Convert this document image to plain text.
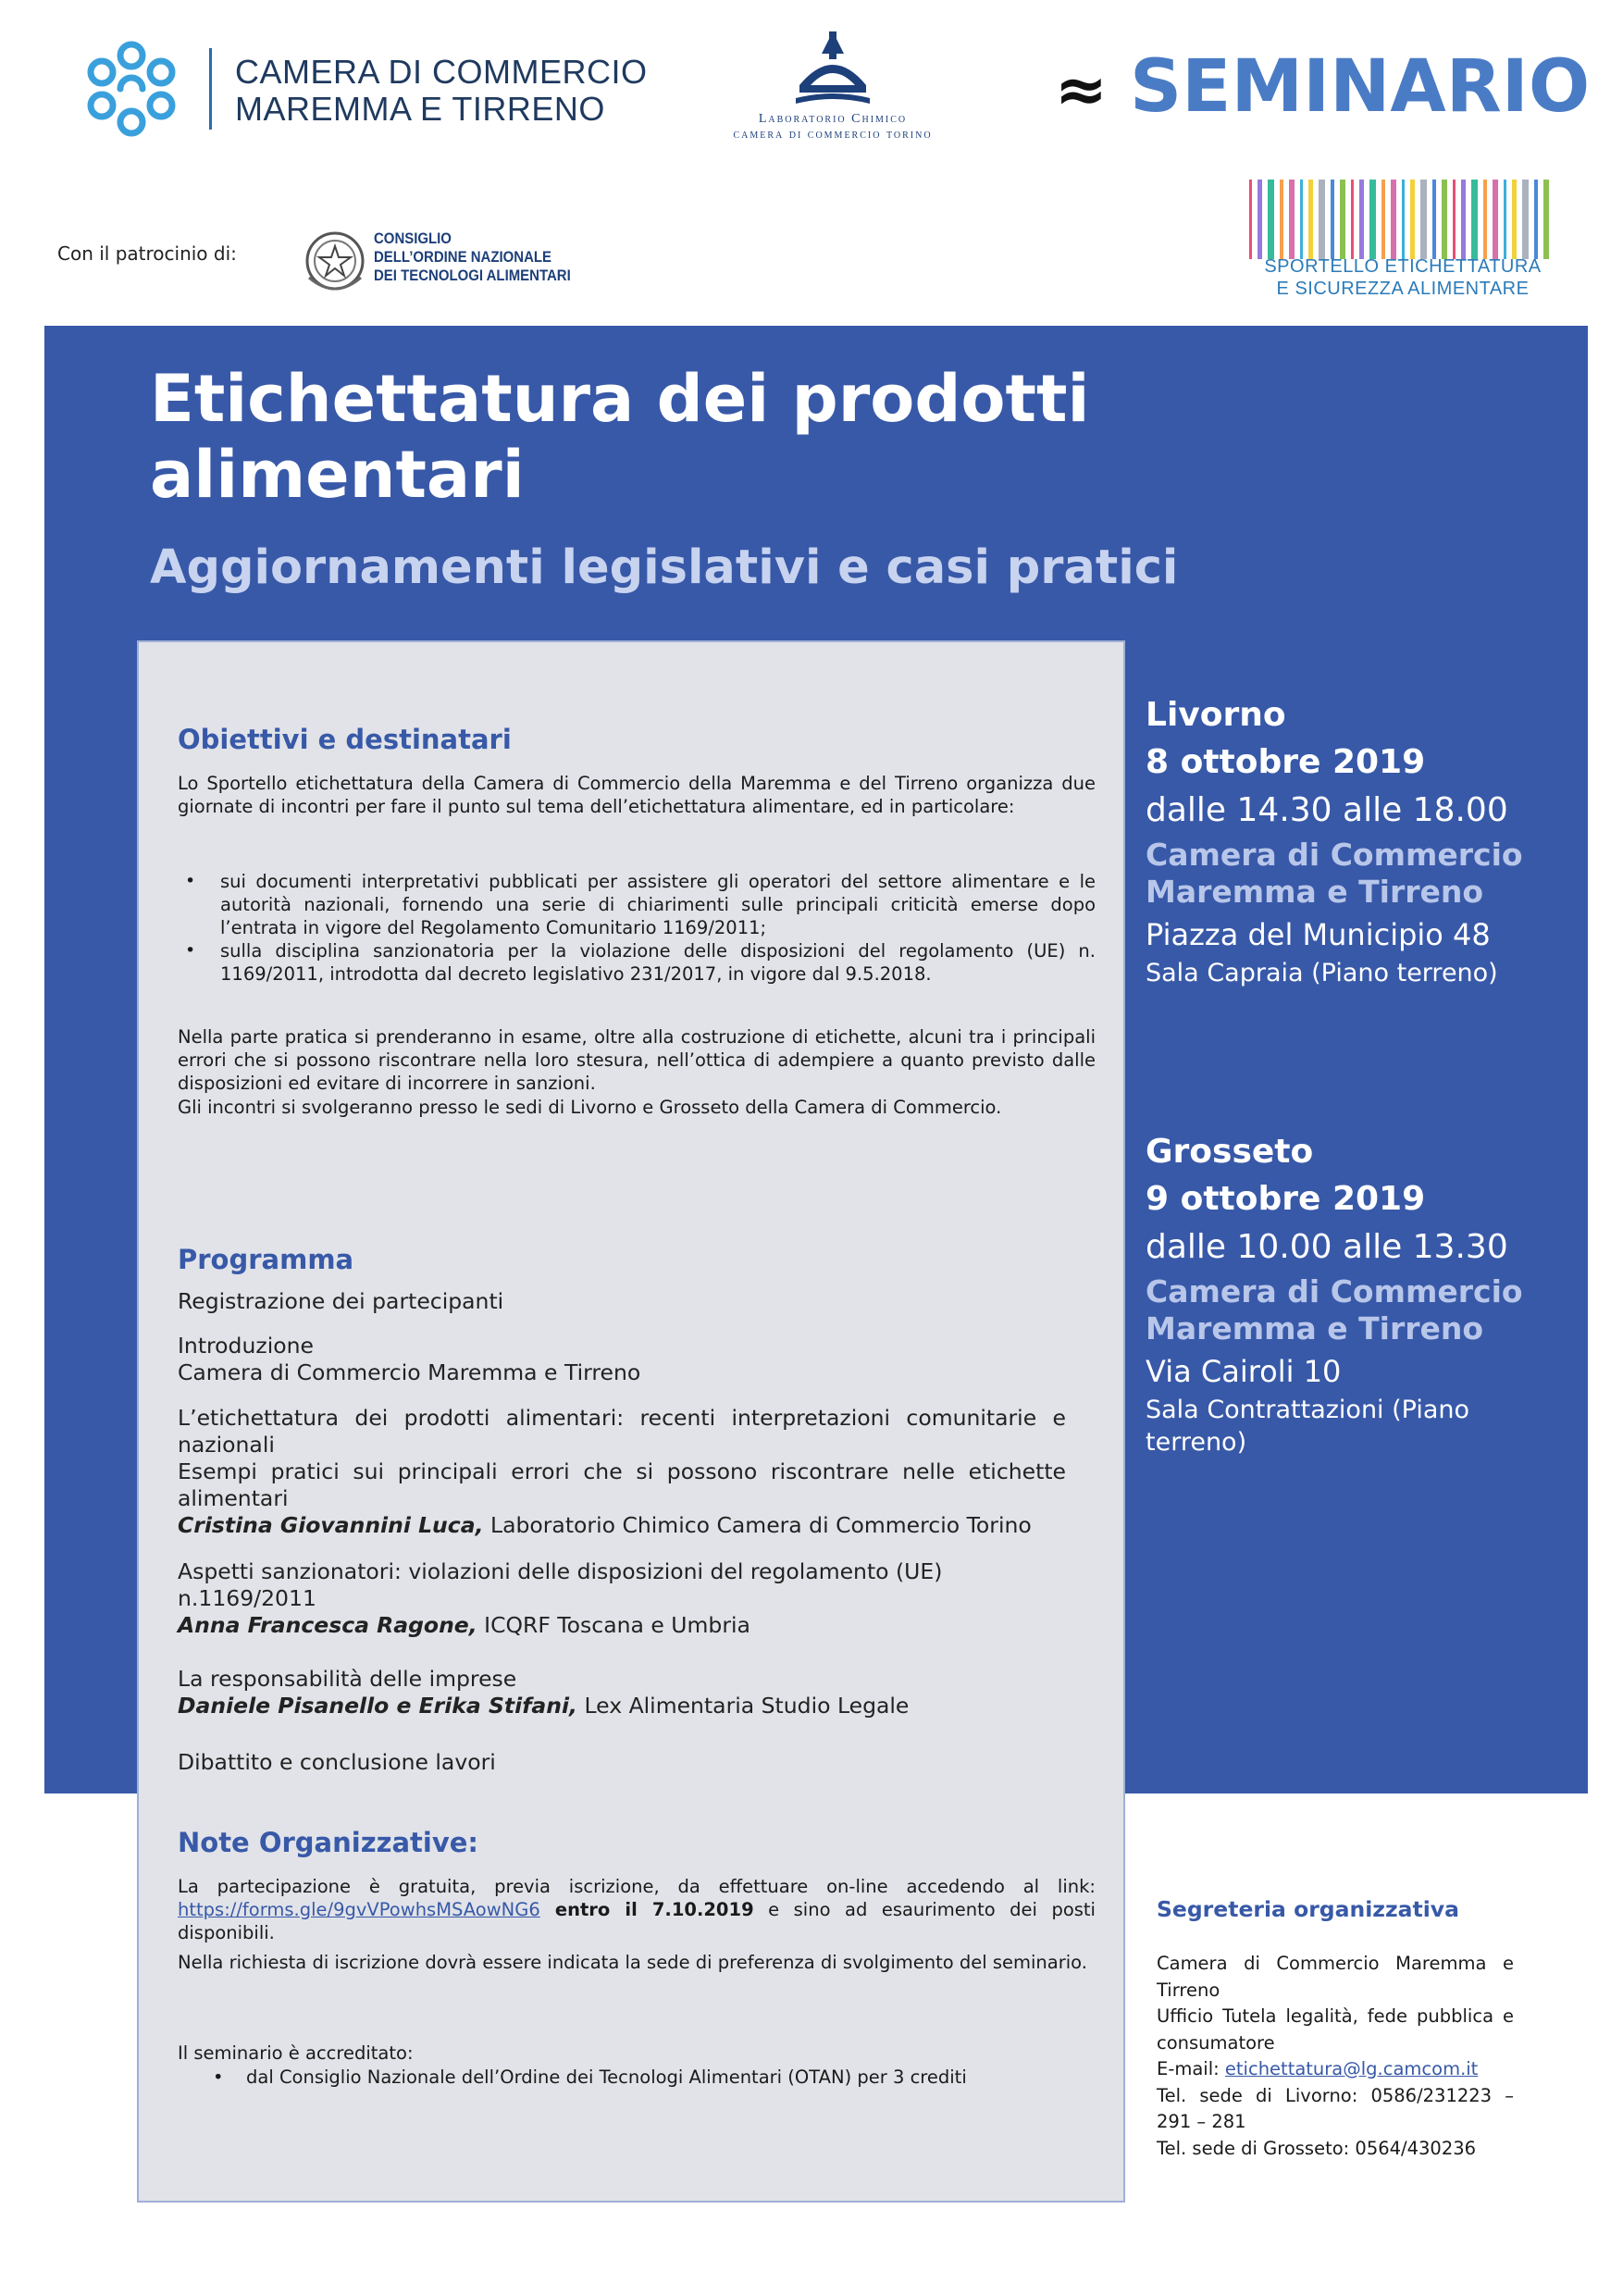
CAMERA DI COMMERCIO
MAREMMA E TIRRENO	Laboratorio Chimico
camera di commercio torino
≈ SEMINARIO
Con il patrocinio di:
CONSIGLIO
DELL’ORDINE NAZIONALE
DEI TECNOLOGI ALIMENTARI	SPORTELLO ETICHETTATURA
E SICUREZZA ALIMENTARE
Etichettatura dei prodotti
alimentari
Aggiornamenti legislativi e casi pratici
Obiettivi e destinatari
Lo Sportello etichettatura della Camera di Commercio della Maremma e del Tirreno organizza due giornate di incontri per fare il punto sul tema dell’etichettatura alimentare, ed in particolare:
• sui documenti interpretativi pubblicati per assistere gli operatori del settore alimentare e le autorità nazionali, fornendo una serie di chiarimenti sulle principali criticità emerse dopo l’entrata in vigore del Regolamento Comunitario 1169/2011;
• sulla disciplina sanzionatoria per la violazione delle disposizioni del regolamento (UE) n. 1169/2011, introdotta dal decreto legislativo 231/2017, in vigore dal 9.5.2018.
Nella parte pratica si prenderanno in esame, oltre alla costruzione di etichette, alcuni tra i principali errori che si possono riscontrare nella loro stesura, nell’ottica di adempiere a quanto previsto dalle disposizioni ed evitare di incorrere in sanzioni.
Gli incontri si svolgeranno presso le sedi di Livorno e Grosseto della Camera di Commercio.
Programma
Registrazione dei partecipanti
Introduzione
Camera di Commercio Maremma e Tirreno
L’etichettatura dei prodotti alimentari: recenti interpretazioni comunitarie e nazionali
Esempi pratici sui principali errori che si possono riscontrare nelle etichette alimentari
Cristina Giovannini Luca, Laboratorio Chimico Camera di Commercio Torino
Aspetti sanzionatori: violazioni delle disposizioni del regolamento (UE) n.1169/2011
Anna Francesca Ragone, ICQRF Toscana e Umbria
La responsabilità delle imprese
Daniele Pisanello e Erika Stifani, Lex Alimentaria Studio Legale
Dibattito e conclusione lavori
Note Organizzative:
La partecipazione è gratuita, previa iscrizione, da effettuare on-line accedendo al link: https://forms.gle/9gvVPowhsMSAowNG6 entro il 7.10.2019 e sino ad esaurimento dei posti disponibili.
Nella richiesta di iscrizione dovrà essere indicata la sede di preferenza di svolgimento del seminario.
Il seminario è accreditato:
• dal Consiglio Nazionale dell’Ordine dei Tecnologi Alimentari (OTAN) per 3 crediti
Livorno
8 ottobre 2019
dalle 14.30 alle 18.00
Camera di Commercio
Maremma e Tirreno
Piazza del Municipio 48
Sala Capraia (Piano terreno)
Grosseto
9 ottobre 2019
dalle 10.00 alle 13.30
Camera di Commercio
Maremma e Tirreno
Via Cairoli 10
Sala Contrattazioni (Piano terreno)
Segreteria organizzativa

Camera di Commercio Maremma e Tirreno

Ufficio Tutela legalità, fede pubblica e consumatore

E-mail: etichettatura@lg.camcom.it

Tel. sede di Livorno: 0586/231223 – 291 – 281

Tel. sede di Grosseto: 0564/430236
